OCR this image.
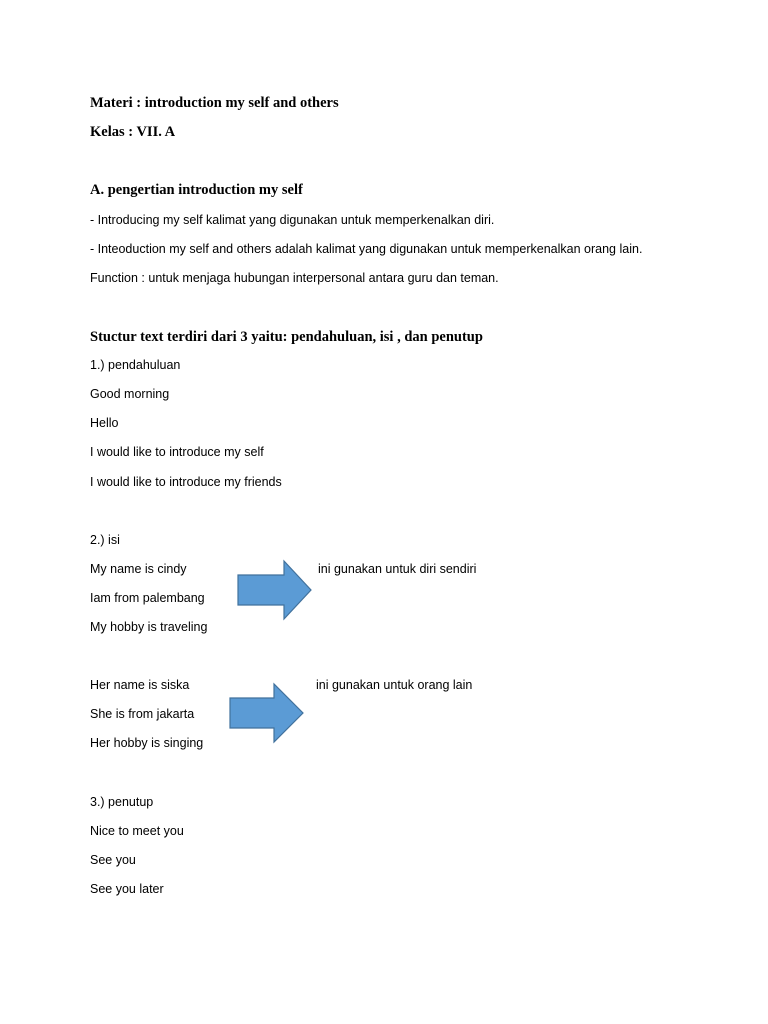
Materi : introduction my self and others
Kelas : VII. A
A. pengertian introduction my self
- Introducing my self kalimat yang digunakan untuk memperkenalkan diri.
- Inteoduction my self and others adalah kalimat yang digunakan untuk memperkenalkan orang lain.
Function : untuk menjaga hubungan interpersonal antara guru dan teman.
Stuctur text terdiri dari 3 yaitu: pendahuluan, isi , dan penutup
1.) pendahuluan
Good morning
Hello
I would like to introduce my self
I would like to introduce my friends
2.) isi
My name is cindy
Iam from palembang
My hobby is traveling
ini gunakan untuk diri sendiri
Her name is siska
She is from jakarta
Her hobby is singing
ini gunakan untuk orang lain
3.) penutup
Nice to meet you
See you
See you later
